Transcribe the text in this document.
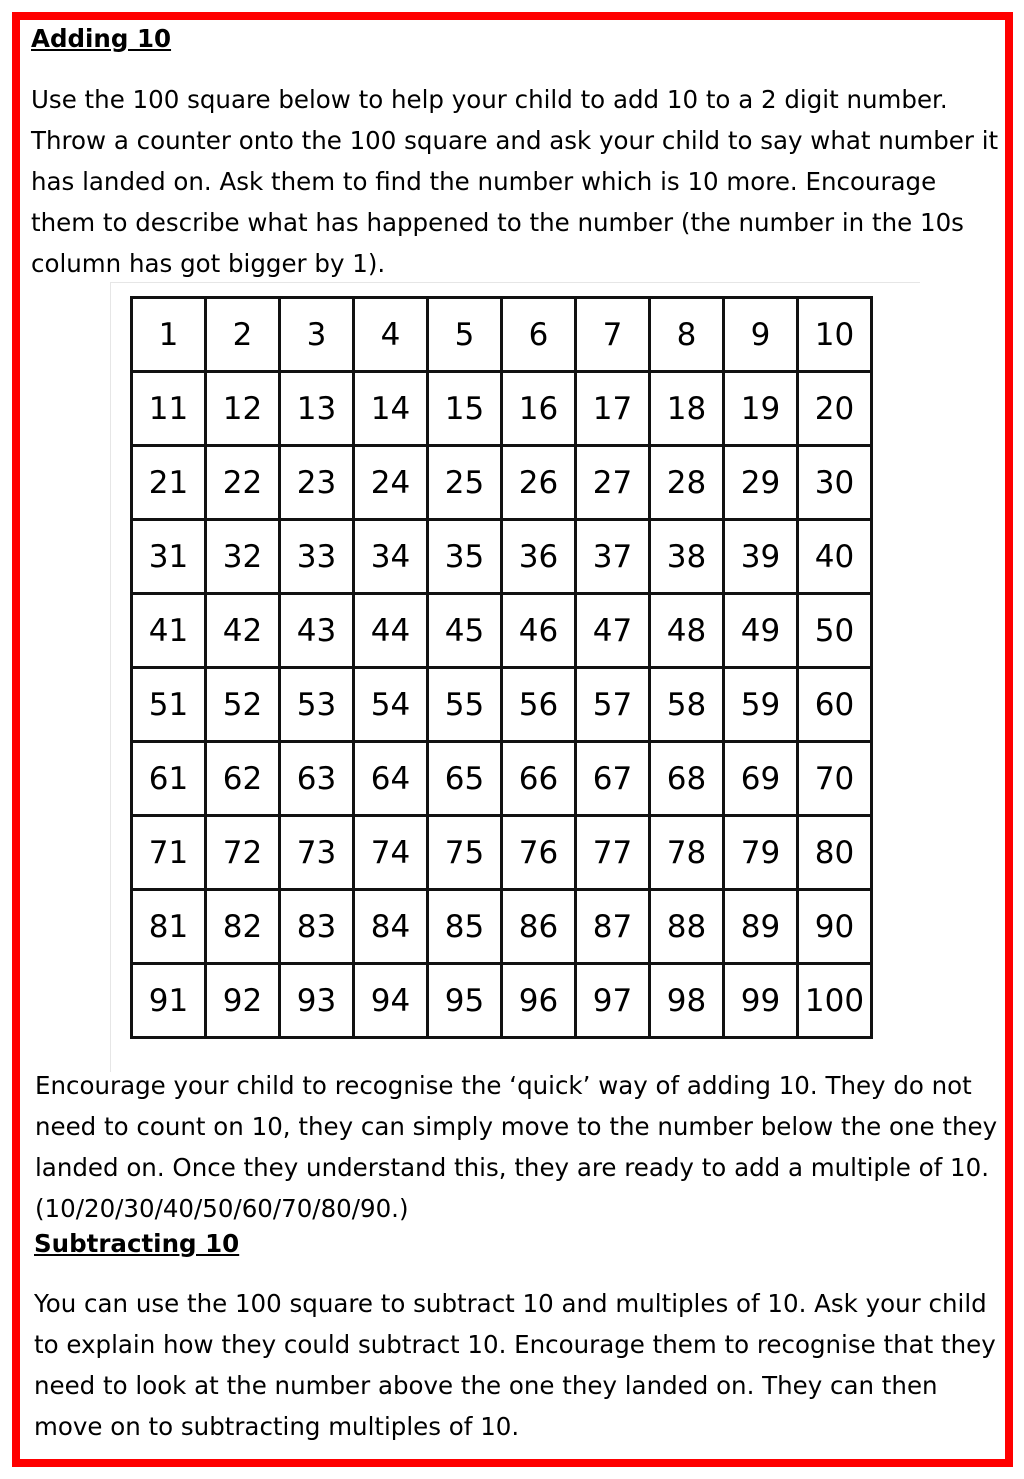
Adding 10

Use the 100 square below to help your child to add 10 to a 2 digit number. Throw a counter onto the 100 square and ask your child to say what number it has landed on. Ask them to find the number which is 10 more. Encourage them to describe what has happened to the number (the number in the 10s column has got bigger by 1).

1	2	3	4	5	6	7	8	9	10
11	12	13	14	15	16	17	18	19	20
21	22	23	24	25	26	27	28	29	30
31	32	33	34	35	36	37	38	39	40
41	42	43	44	45	46	47	48	49	50
51	52	53	54	55	56	57	58	59	60
61	62	63	64	65	66	67	68	69	70
71	72	73	74	75	76	77	78	79	80
81	82	83	84	85	86	87	88	89	90
91	92	93	94	95	96	97	98	99	100

Encourage your child to recognise the ‘quick’ way of adding 10. They do not need to count on 10, they can simply move to the number below the one they landed on. Once they understand this, they are ready to add a multiple of 10. (10/20/30/40/50/60/70/80/90.)

Subtracting 10

You can use the 100 square to subtract 10 and multiples of 10. Ask your child to explain how they could subtract 10. Encourage them to recognise that they need to look at the number above the one they landed on. They can then move on to subtracting multiples of 10.
